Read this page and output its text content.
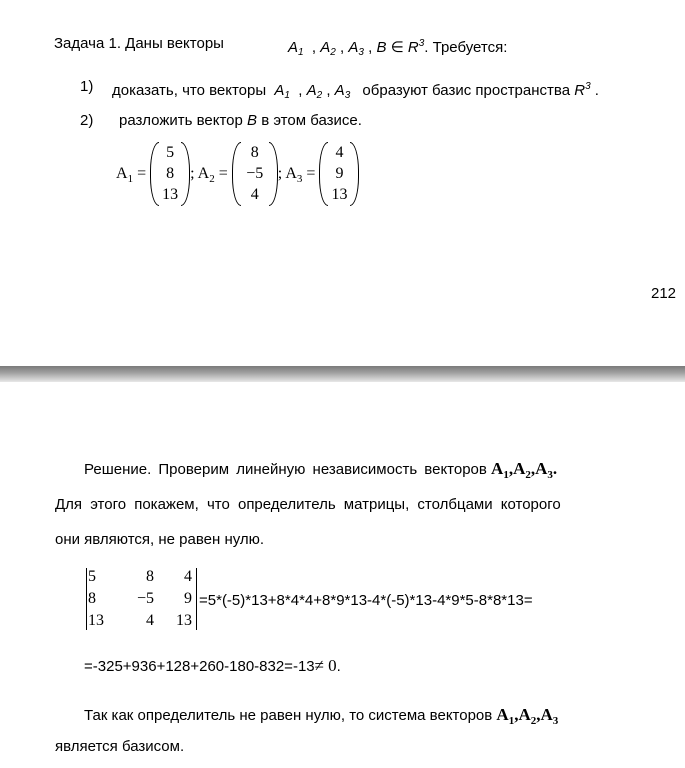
Задача 1. Даны векторы	$A_1$  , $A_2$ , $A_3$ , B ∈ $R^3$. Требуется:
1) доказать, что векторы $A_1$  , $A_2$ , $A_3$ образуют базис пространства $R^3$ .
2) разложить вектор B в этом базисе.
$A_1$ =
5
8
13
; $A_2$ =
8
−5
4
; $A_3$ =
4
9
13
212
Решение. Проверим линейную независимость векторов $A_1,A_2,A_3$.
Для этого покажем, что определитель матрицы, столбцами которого
они являются, не равен нулю.
5	8	4
8	−5	9
13	4	13
=5*(-5)*13+8*4*4+8*9*13-4*(-5)*13-4*9*5-8*8*13=
=-325+936+128+260-180-832=-13≠ 0.
Так как определитель не равен нулю, то система векторов $A_1,A_2,A_3$
является базисом.
